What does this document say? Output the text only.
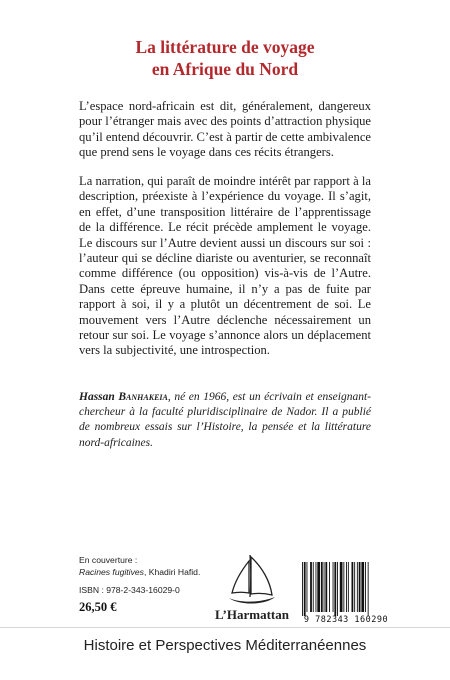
La littérature de voyage
en Afrique du Nord
L’espace nord-africain est dit, généralement, dangereux pour l’étranger mais avec des points d’attraction physique qu’il entend découvrir. C’est à partir de cette ambivalence que prend sens le voyage dans ces récits étrangers.
La narration, qui paraît de moindre intérêt par rapport à la description, préexiste à l’expérience du voyage. Il s’agit, en effet, d’une transposition littéraire de l’apprentissage de la différence. Le récit précède amplement le voyage. Le discours sur l’Autre devient aussi un discours sur soi : l’auteur qui se décline diariste ou aventurier, se reconnaît comme différence (ou opposition) vis-à-vis de l’Autre. Dans cette épreuve humaine, il n’y a pas de fuite par rapport à soi, il y a plutôt un décentrement de soi. Le mouvement vers l’Autre déclenche nécessairement un retour sur soi. Le voyage s’annonce alors un déplacement vers la subjectivité, une introspection.
Hassan Banhakeia, né en 1966, est un écrivain et enseignant-chercheur à la faculté pluridisciplinaire de Nador. Il a publié de nombreux essais sur l’Histoire, la pensée et la littérature nord-africaines.
En couverture :
Racines fugitives, Khadiri Hafid.
ISBN : 978-2-343-16029-0
26,50 €	L’Harmattan	9 782343 160290
Histoire et Perspectives Méditerranéennes
